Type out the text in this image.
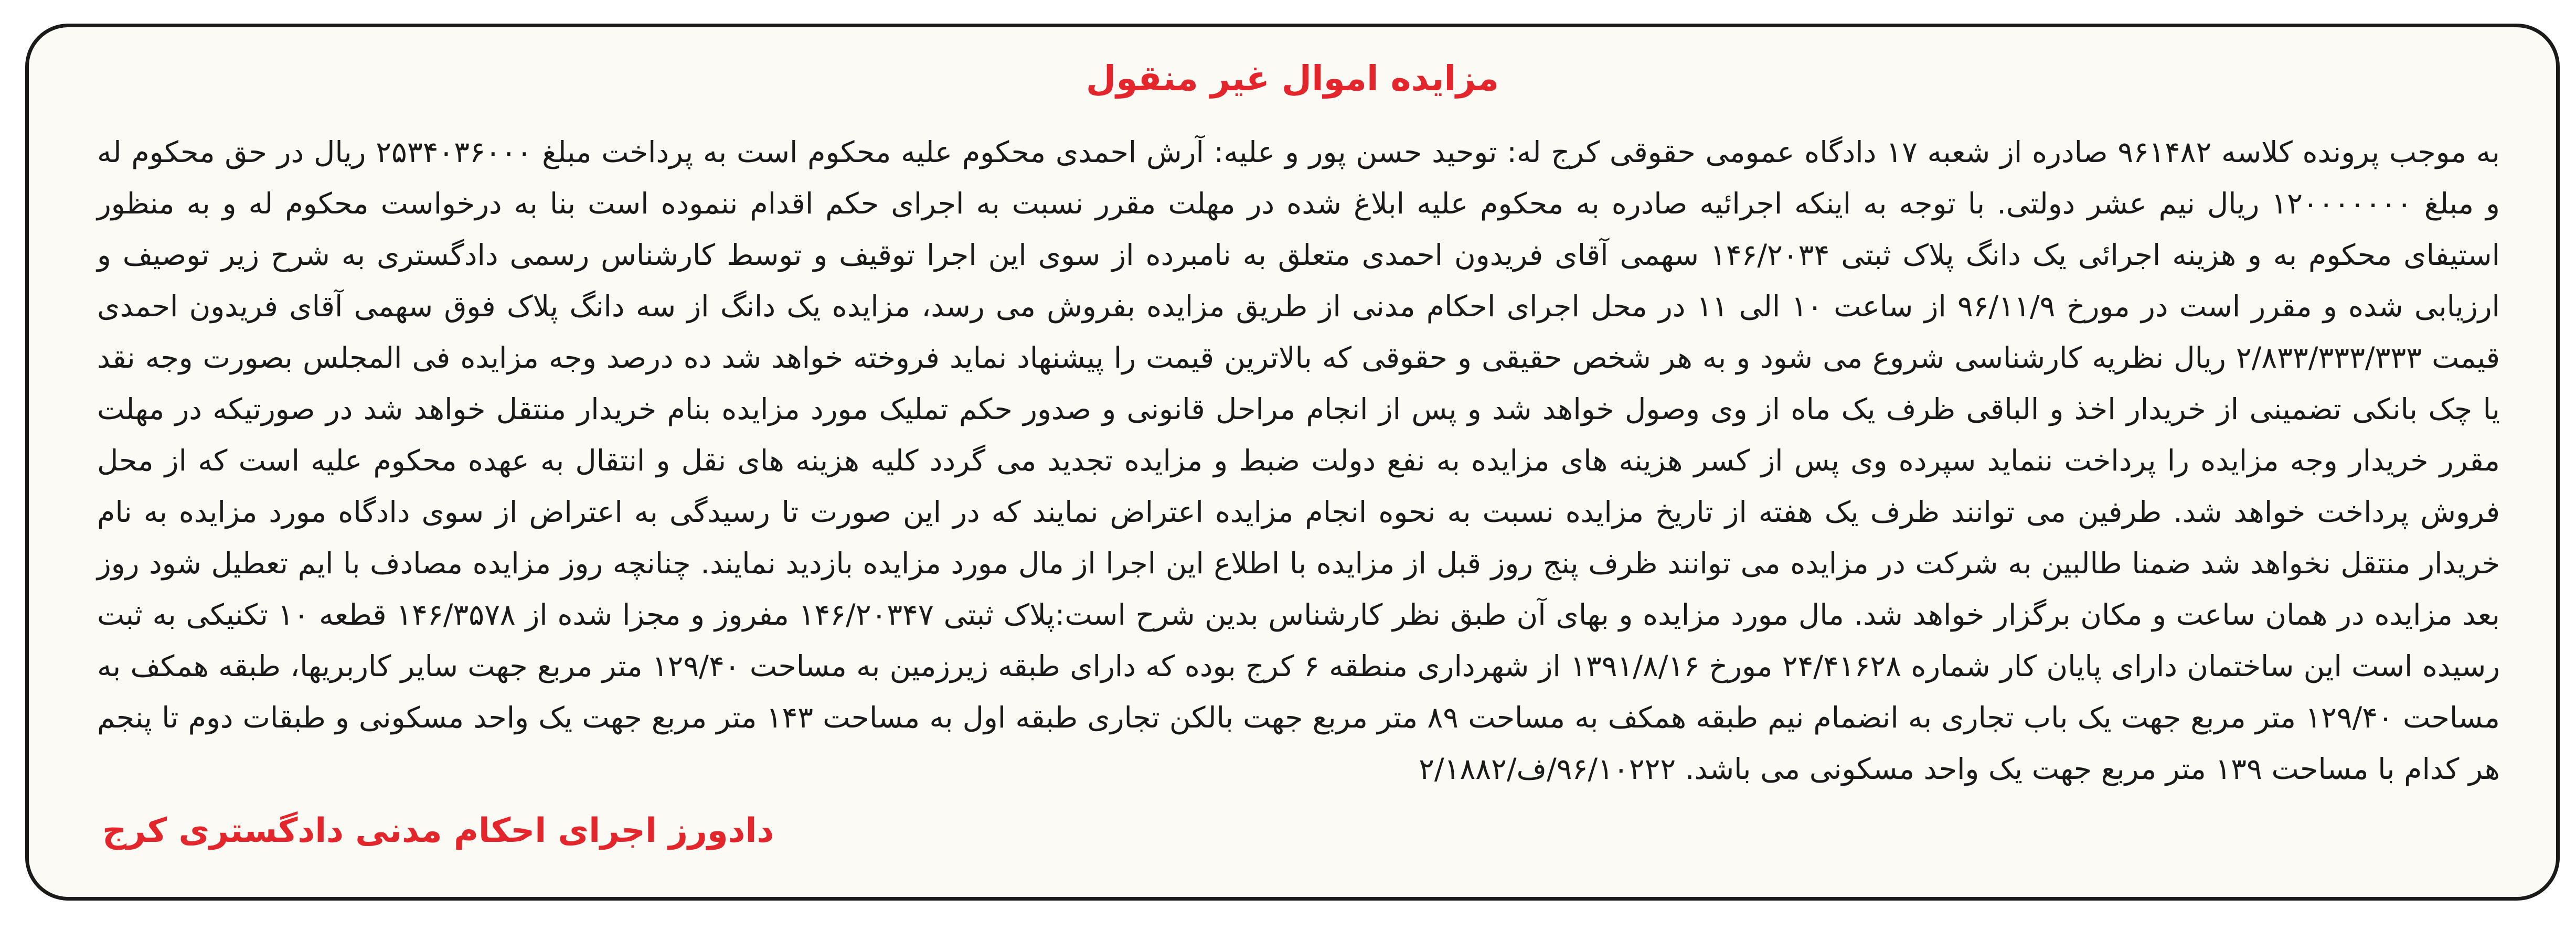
مزایده اموال غیر منقول

به موجب پرونده کلاسه ۹۶۱۴۸۲ صادره از شعبه ۱۷ دادگاه عمومی حقوقی کرج له: توحید حسن پور و علیه: آرش احمدی محکوم علیه محکوم است به پرداخت مبلغ ۲۵۳۴۰۳۶۰۰۰ ریال در حق محکوم له و مبلغ ۱۲۰۰۰۰۰۰۰ ریال نیم عشر دولتی. با توجه به اینکه اجرائیه صادره به محکوم علیه ابلاغ شده در مهلت مقرر نسبت به اجرای حکم اقدام ننموده است بنا به درخواست محکوم له و به منظور استیفای محکوم به و هزینه اجرائی یک دانگ پلاک ثبتی ۱۴۶/۲۰۳۴ سهمی آقای فریدون احمدی متعلق به نامبرده از سوی این اجرا توقیف و توسط کارشناس رسمی دادگستری به شرح زیر توصیف و ارزیابی شده و مقرر است در مورخ ۹۶/۱۱/۹ از ساعت ۱۰ الی ۱۱ در محل اجرای احکام مدنی از طریق مزایده بفروش می رسد، مزایده یک دانگ از سه دانگ پلاک فوق سهمی آقای فریدون احمدی قیمت ۲/۸۳۳/۳۳۳/۳۳۳ ریال نظریه کارشناسی شروع می شود و به هر شخص حقیقی و حقوقی که بالاترین قیمت را پیشنهاد نماید فروخته خواهد شد ده درصد وجه مزایده فی المجلس بصورت وجه نقد یا چک بانکی تضمینی از خریدار اخذ و الباقی ظرف یک ماه از وی وصول خواهد شد و پس از انجام مراحل قانونی و صدور حکم تملیک مورد مزایده بنام خریدار منتقل خواهد شد در صورتیکه در مهلت مقرر خریدار وجه مزایده را پرداخت ننماید سپرده وی پس از کسر هزینه های مزایده به نفع دولت ضبط و مزایده تجدید می گردد کلیه هزینه های نقل و انتقال به عهده محکوم علیه است که از محل فروش پرداخت خواهد شد. طرفین می توانند ظرف یک هفته از تاریخ مزایده نسبت به نحوه انجام مزایده اعتراض نمایند که در این صورت تا رسیدگی به اعتراض از سوی دادگاه مورد مزایده به نام خریدار منتقل نخواهد شد ضمنا طالبین به شرکت در مزایده می توانند ظرف پنج روز قبل از مزایده با اطلاع این اجرا از مال مورد مزایده بازدید نمایند. چنانچه روز مزایده مصادف با ایم تعطیل شود روز بعد مزایده در همان ساعت و مکان برگزار خواهد شد. مال مورد مزایده و بهای آن طبق نظر کارشناس بدین شرح است:پلاک ثبتی ۱۴۶/۲۰۳۴۷ مفروز و مجزا شده از ۱۴۶/۳۵۷۸ قطعه ۱۰ تکنیکی به ثبت رسیده است این ساختمان دارای پایان کار شماره ۲۴/۴۱۶۲۸ مورخ ۱۳۹۱/۸/۱۶ از شهرداری منطقه ۶ کرج بوده که دارای طبقه زیرزمین به مساحت ۱۲۹/۴۰ متر مربع جهت سایر کاربریها، طبقه همکف به مساحت ۱۲۹/۴۰ متر مربع جهت یک باب تجاری به انضمام نیم طبقه همکف به مساحت ۸۹ متر مربع جهت بالکن تجاری طبقه اول به مساحت ۱۴۳ متر مربع جهت یک واحد مسکونی و طبقات دوم تا پنجم هر کدام با مساحت ۱۳۹ متر مربع جهت یک واحد مسکونی می باشد. ۹۶/۱۰۲۲۲/ف/۲/۱۸۸۲

دادورز اجرای احکام مدنی دادگستری کرج
